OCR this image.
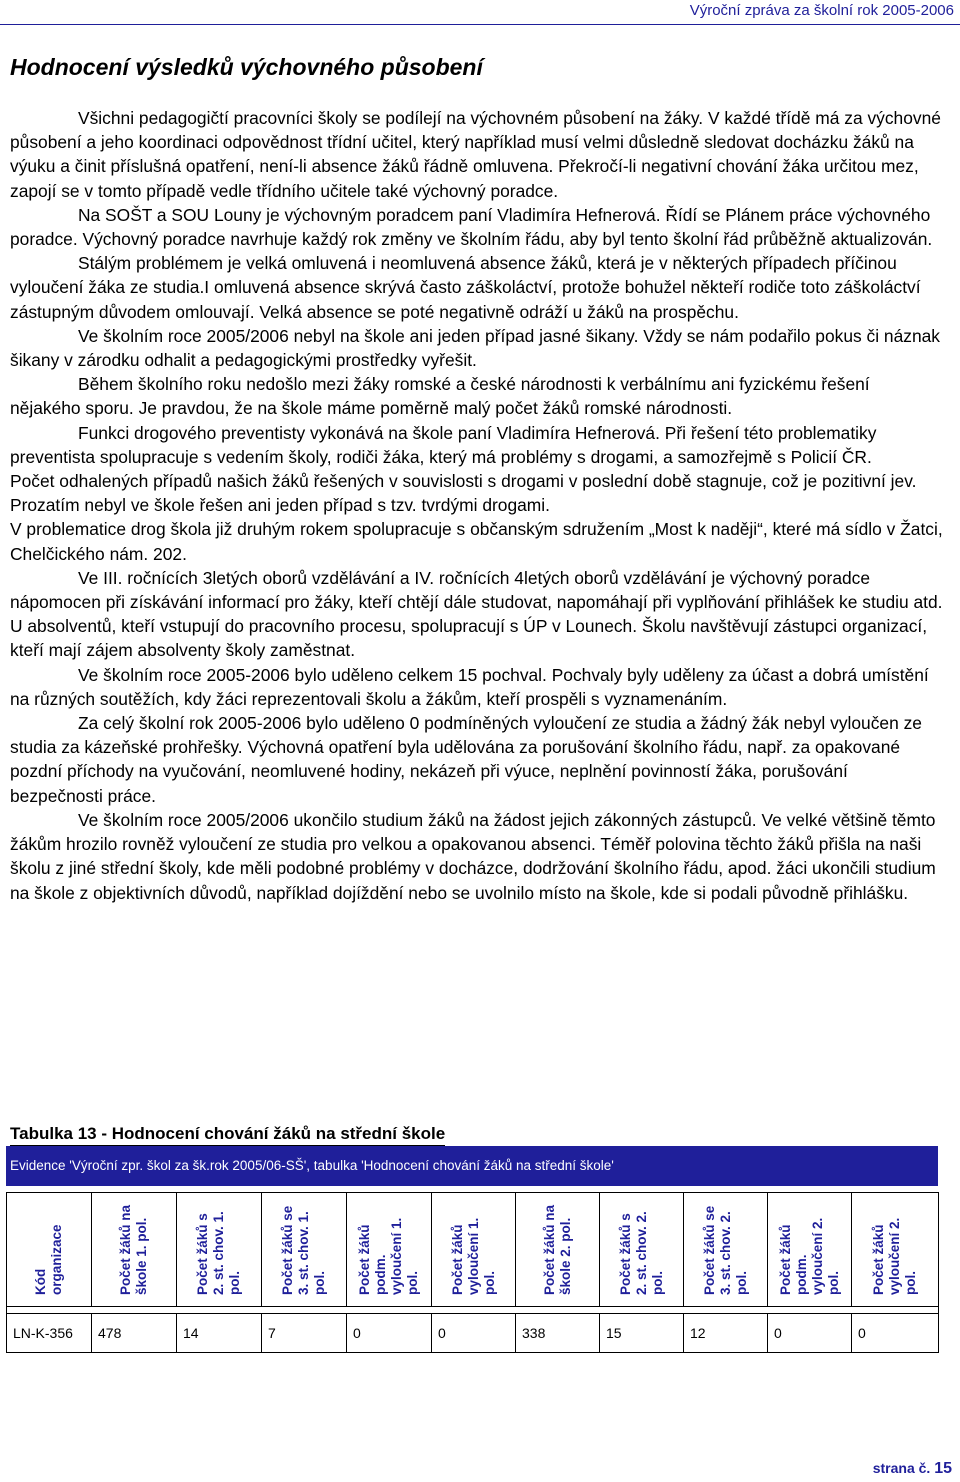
Výroční zpráva za školní rok 2005-2006
Hodnocení výsledků výchovného působení

Všichni pedagogičtí pracovníci školy se podílejí na výchovném působení na žáky. V každé třídě má za výchovné působení a jeho koordinaci odpovědnost třídní učitel, který například musí velmi důsledně sledovat docházku žáků na výuku a činit příslušná opatření, není-li absence žáků řádně omluvena. Překročí-li negativní chování žáka určitou mez, zapojí se v tomto případě vedle třídního učitele také výchovný poradce.

Na SOŠT a SOU Louny je výchovným poradcem paní Vladimíra Hefnerová. Řídí se Plánem práce výchovného poradce. Výchovný poradce navrhuje každý rok změny ve školním řádu, aby byl tento školní řád průběžně aktualizován.

Stálým problémem je velká omluvená i neomluvená absence žáků, která je v některých případech příčinou vyloučení žáka ze studia.I omluvená absence skrývá často záškoláctví, protože bohužel někteří rodiče toto záškoláctví zástupným důvodem omlouvají. Velká absence se poté negativně odráží u žáků na prospěchu.

Ve školním roce 2005/2006 nebyl na škole ani jeden případ jasné šikany. Vždy se nám podařilo pokus či náznak šikany v zárodku odhalit a pedagogickými prostředky vyřešit.

Během školního roku nedošlo mezi žáky romské a české národnosti k verbálnímu ani fyzickému řešení nějakého sporu. Je pravdou, že na škole máme poměrně malý počet žáků romské národnosti.

Funkci drogového preventisty vykonává na škole paní Vladimíra Hefnerová. Při řešení této problematiky preventista spolupracuje s vedením školy, rodiči žáka, který má problémy s drogami, a samozřejmě s Policií ČR.

Počet odhalených případů našich žáků řešených v souvislosti s drogami v poslední době stagnuje, což je pozitivní jev. Prozatím nebyl ve škole řešen ani jeden případ s tzv. tvrdými drogami.

V problematice drog škola již druhým rokem spolupracuje s občanským sdružením „Most k naději“, které má sídlo v Žatci, Chelčického nám. 202.

Ve III. ročnících 3letých oborů vzdělávání a IV. ročnících 4letých oborů vzdělávání je výchovný poradce nápomocen při získávání informací pro žáky, kteří chtějí dále studovat, napomáhají při vyplňování přihlášek ke studiu atd. U absolventů, kteří vstupují do pracovního procesu, spolupracují s ÚP v Lounech. Školu navštěvují zástupci organizací, kteří mají zájem absolventy školy zaměstnat.

Ve školním roce 2005-2006 bylo uděleno celkem 15 pochval. Pochvaly byly uděleny za účast a dobrá umístění na různých soutěžích, kdy žáci reprezentovali školu a žákům, kteří prospěli s vyznamenáním.

Za celý školní rok 2005-2006 bylo uděleno 0 podmíněných vyloučení ze studia a žádný žák nebyl vyloučen ze studia za kázeňské prohřešky. Výchovná opatření byla udělována za porušování školního řádu, např. za opakované pozdní příchody na vyučování, neomluvené hodiny, nekázeň při výuce, neplnění povinností žáka, porušování bezpečnosti práce.

Ve školním roce 2005/2006 ukončilo studium žáků na žádost jejich zákonných zástupců. Ve velké většině těmto žákům hrozilo rovněž vyloučení ze studia pro velkou a opakovanou absenci. Téměř polovina těchto žáků přišla na naši školu z jiné střední školy, kde měli podobné problémy v docházce, dodržování školního řádu, apod. žáci ukončili studium na škole z objektivních důvodů, například dojíždění nebo se uvolnilo místo na škole, kde si podali původně přihlášku.

Tabulka 13 - Hodnocení chování žáků na střední škole
Evidence 'Výroční zpr. škol za šk.rok 2005/06-SŠ', tabulka 'Hodnocení chování žáků na střední škole'
Kód organizace	Počet žáků na škole 1. pol.	Počet žáků s 2. st. chov. 1. pol.	Počet žáků se 3. st. chov. 1. pol.	Počet žáků podm. vyloučení 1. pol.	Počet žáků vyloučení 1. pol.	Počet žáků na škole 2. pol.	Počet žáků s 2. st. chov. 2. pol.	Počet žáků se 3. st. chov. 2. pol.	Počet žáků podm. vyloučení 2. pol.	Počet žáků vyloučení 2. pol.

LN-K-356	478	14	7	0	0	338	15	12	0	0
strana č. 15
